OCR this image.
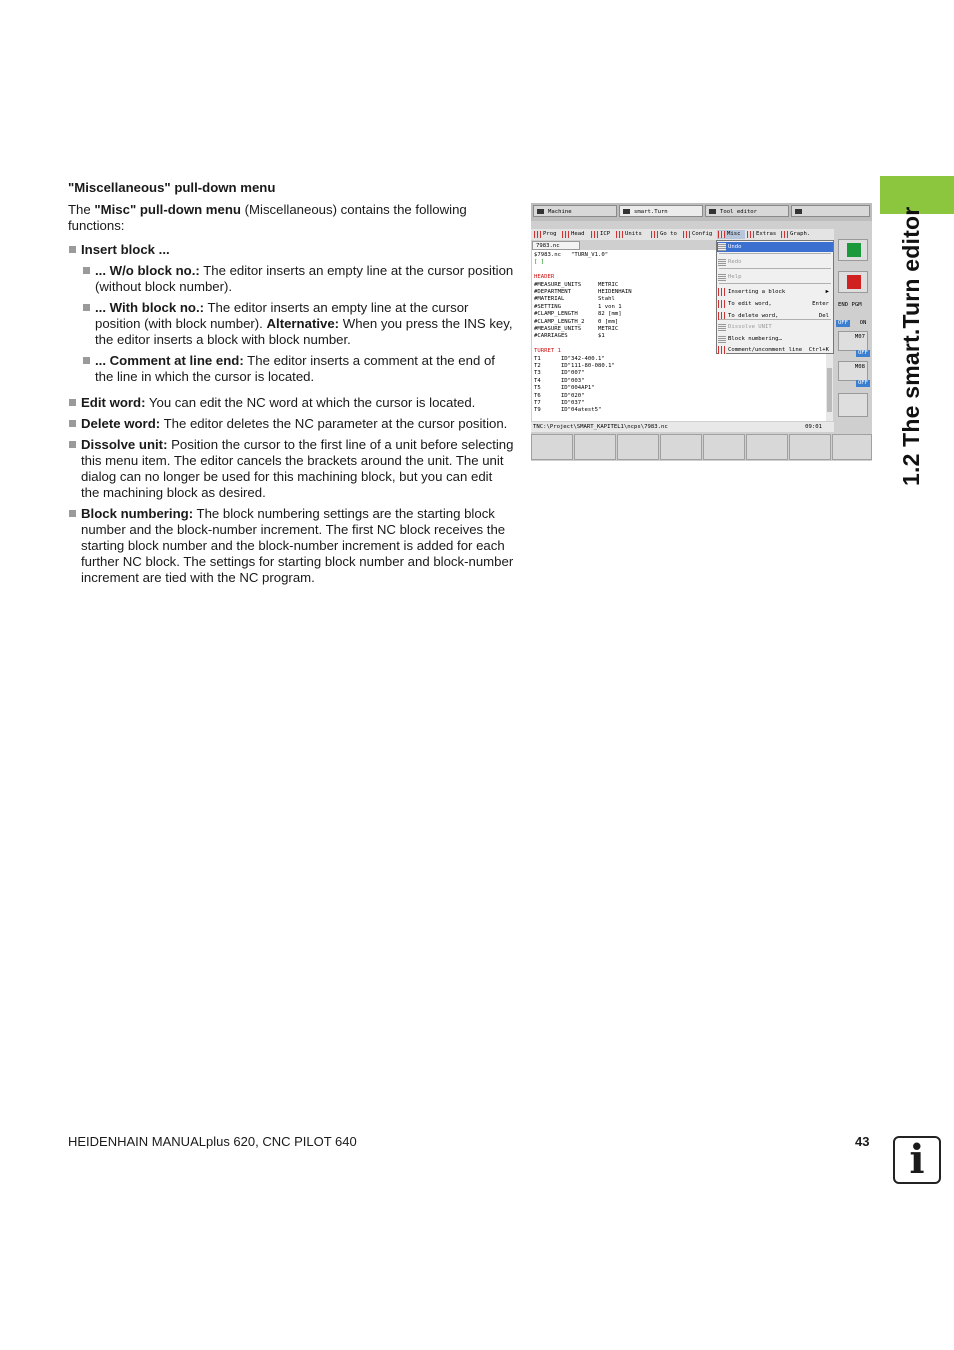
1.2 The smart.Turn editor
"Miscellaneous" pull-down menu
The "Misc" pull-down menu (Miscellaneous) contains the following functions:
Insert block ...
... W/o block no.: The editor inserts an empty line at the cursor position (without block number).
... With block no.: The editor inserts an empty line at the cursor position (with block number). Alternative: When you press the INS key, the editor inserts a block with block number.
... Comment at line end: The editor inserts a comment at the end of the line in which the cursor is located.
Edit word: You can edit the NC word at which the cursor is located.
Delete word: The editor deletes the NC parameter at the cursor position.
Dissolve unit: Position the cursor to the first line of a unit before selecting this menu item. The editor cancels the brackets around the unit. The unit dialog can no longer be used for this machining block, but you can edit the machining block as desired.
Block numbering: The block numbering settings are the starting block number and the block-number increment. The first NC block receives the starting block number and the block-number increment is added for each further NC block. The settings for starting block number and block-number increment are tied with the NC program.
Machine	smart.Turn	Tool editor
Prog	Head	ICP	Units	Go to	Config	Misc	Extras	Graph.
7983.nc
$7983.nc   "TURN_V1.0"
[ ]
HEADER
#MEASURE_UNITS     METRIC
#DEPARTMENT        HEIDENHAIN
#MATERIAL          Stahl
#SETTING           1 von 1
#CLAMP_LENGTH      82 [mm]
#CLAMP_LENGTH_2    0 [mm]
#MEASURE_UNITS     METRIC
#CARRIAGES         $1
TURRET 1
T1      ID"342-400.1"
T2      ID"111-80-080.1"
T3      ID"007"
T4      ID"003"
T5      ID"004AP1"
T6      ID"020"
T7      ID"037"
T9      ID"04atest5"
Undo
Redo
Help
Inserting a block	▶
To edit word,	Enter
To delete word,	Del
Dissolve UNIT
Block numbering…
Comment/uncomment line Ctrl+K
TNC:\Project\SMART_KAPITEL1\ncps\7983.nc	09:01
END PGM
OFF	ON
M07
OFF
M08
OFF
HEIDENHAIN MANUALplus 620, CNC PILOT 640	43 i
